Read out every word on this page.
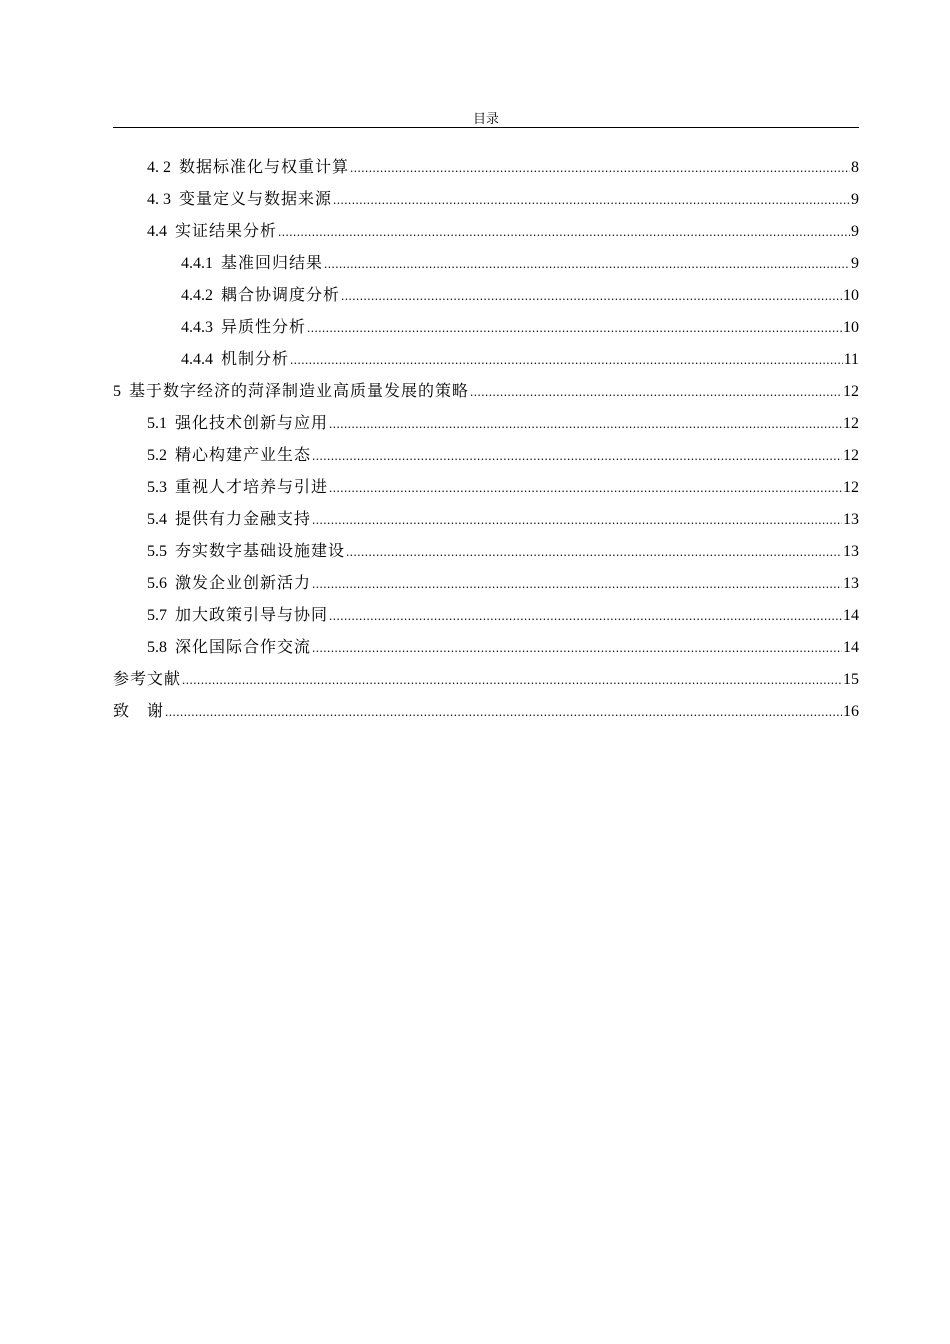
目录
4. 2 数据标准化与权重计算 .....	8
4. 3 变量定义与数据来源 .....	9
4.4 实证结果分析 .....	9
4.4.1 基准回归结果 .....	9
4.4.2 耦合协调度分析 .....	10
4.4.3 异质性分析 .....	10
4.4.4 机制分析 .....	11
5 基于数字经济的菏泽制造业高质量发展的策略 .....	12
5.1 强化技术创新与应用 .....	12
5.2 精心构建产业生态 .....	12
5.3 重视人才培养与引进 .....	12
5.4 提供有力金融支持 .....	13
5.5 夯实数字基础设施建设 .....	13
5.6 激发企业创新活力 .....	13
5.7 加大政策引导与协同 .....	14
5.8 深化国际合作交流 .....	14
参考文献 .....	15
致　谢 .....	16
